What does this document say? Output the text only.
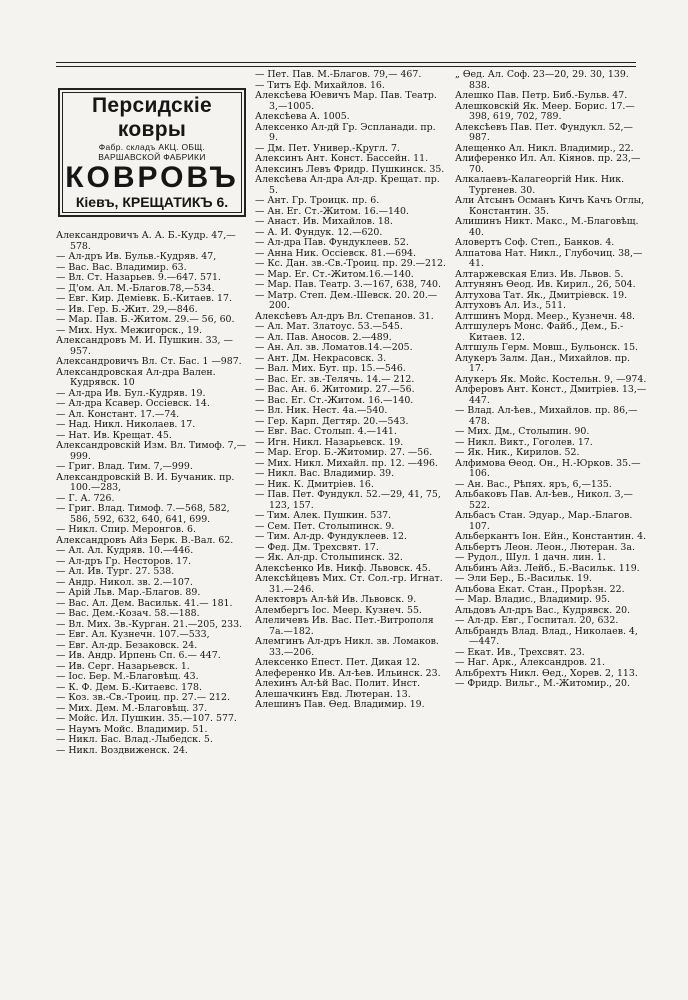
Персидскiе ковры
Фабр. складъ АКЦ. ОБЩ.
ВАРШАВСКОЙ ФАБРИКИ
КОВРОВЪ
Кiевъ, КРЕЩАТИКЪ 6.

Александровичъ А. А. Б.-Кудр. 47,—578.

— Ал-дръ Ив. Бульв.-Кудряв. 47,

— Вас. Вас. Владимир. 63.

— Вл. Ст. Назарьев. 9.—647. 571.

— Д'ом. Ал. М.-Благов.78,—534.

— Евг. Кир. Демiевк. Б.-Китаев. 17.

— Ив. Гер. Б.-Жит. 29,—846.

— Мар. Пав. Б.-Житом. 29.— 56, 60.

— Мих. Нух. Межигорск., 19.

Александровъ М. И. Пушкин. 33, —957.

Александровичъ Вл. Ст. Бас. 1 —987.

Александровская Ал-дра Вален. Кудрявск. 10

— Ал-дра Ив. Бул.-Кудряв. 19.

— Ал-дра Ксавер. Оссiевск. 14.

— Ал. Констант. 17.—74.

— Над. Никл. Николаев. 17.

— Нат. Ив. Крещат. 45.

Александровскiй Изм. Вл. Тимоф. 7,—999.

— Григ. Влад. Тим. 7,—999.

Александровскiй В. И. Бучаник. пр. 100.—283,

— Г. А. 726.

— Григ. Влад. Тимоф. 7.—568, 582, 586, 592, 632, 640, 641, 699.

— Никл. Спир. Меронгов. 6.

Александровъ Айз Берк. В.-Вал. 62.

— Ал. Ал. Кудряв. 10.—446.

— Ал-дръ Гр. Несторов. 17.

— Ал. Ив. Тург. 27. 538.

— Андр. Никол. зв. 2.—107.

— Арiй Льв. Мар.-Благов. 89.

— Вас. Ал. Дем. Васильк. 41.— 181.

— Вас. Дем.-Козач. 58.—188.

— Вл. Мих. Зв.-Курган. 21.—205, 233.

— Евг. Ал. Кузнечн. 107.—533,

— Евг. Ал-др. Безаковск. 24.

— Ив. Андр. Ирпень Сп. 6.— 447.

— Ив. Серг. Назарьевск. 1.

— Iос. Бер. М.-Благовѣщ. 43.

— К. Ф. Дем. Б.-Китаевс. 178.

— Коз. зв.-Св.-Троиц. пр. 27.— 212.

— Мих. Дем. М.-Благовѣщ. 37.

— Мойс. Ил. Пушкин. 35.—107. 577.

— Наумъ Мойс. Владимир. 51.

— Никл. Бас. Влад.-Лыбедск. 5.

— Никл. Воздвиженск. 24.

— Пет. Пав. М.-Благов. 79,— 467.

— Титъ Еф. Михайлов. 16.

Алексѣева Юевичъ Мар. Пав. Театр. 3,—1005.

Алексѣева А. 1005.

Алексенко Ал-дй Гр. Эспланади. пр. 9.

— Дм. Пет. Универ.-Кругл. 7.

Алексинъ Ант. Конст. Бассейн. 11.

Алексинъ Левъ Фридр. Пушкинск. 35.

Алексѣева Ал-дра Ал-др. Крещат. пр. 5.

— Ант. Гр. Троицк. пр. 6.

— Ан. Ег. Ст.-Житом. 16.—140.

— Анаст. Ив. Михайлов. 18.

— А. И. Фундук. 12.—620.

— Ал-дра Пав. Фундуклеев. 52.

— Анна Ник. Оссiевск. 81.—694.

— Кс. Дан. зв.-Св.-Троиц. пр. 29.—212.

— Мар. Ег. Ст.-Житом.16.—140.

— Мар. Пав. Театр. 3.—167, 638, 740.

— Матр. Степ. Дем.-Шевск. 20. 20.—200.

Алексѣевъ Ал-дръ Вл. Степанов. 31.

— Ал. Мат. Златоус. 53.—545.

— Ал. Пав. Аносов. 2.—489.

— Ан. Ал. зв. Ломатов.14.—205.

— Ант. Дм. Некрасовск. 3.

— Вал. Мих. Бут. пр. 15.—546.

— Вас. Ег. зв.-Телячь. 14.— 212.

— Вас. Ан. 6. Житомир. 27.—56.

— Вас. Ег. Ст.-Житом. 16.—140.

— Вл. Ник. Нест. 4а.—540.

— Гер. Карп. Дегтяр. 20.—543.

— Евг. Вас. Столып. 4.—141.

— Игн. Никл. Назарьевск. 19.

— Мар. Егор. Б.-Житомир. 27. —56.

— Мих. Никл. Михайл. пр. 12. —496.

— Никл. Вас. Владимир. 39.

— Ник. К. Дмитрiев. 16.

— Пав. Пет. Фундукл. 52.—29, 41, 75, 123, 157.

— Тим. Алек. Пушкин. 537.

— Сем. Пет. Столыпинск. 9.

— Тим. Ал-др. Фундуклеев. 12.

— Фед. Дм. Трехсвят. 17.

— Як. Ал-др. Столыпинск. 32.

Алексѣенко Ив. Никф. Львовск. 45.

Алексѣйцевъ Мих. Ст. Сол.-гр. Игнат. 31.—246.

Алектовръ Ал-ѣй Ив. Львовск. 9.

Алембергъ Iос. Меер. Кузнеч. 55.

Алеличевъ Ив. Вас. Пет.-Витрополя 7а.—182.

Алемгинъ Ал-дръ Никл. зв. Ломаков. 33.—206.

Алексенко Епест. Пет. Дикая 12.

Алеференко Ив. Ал-ѣев. Ильинск. 23.

Алехинъ Ал-ѣй Вас. Полит. Инст.

Алешачкинъ Евд. Лютеран. 13.

Алешинъ Пав. Ѳед. Владимир. 19.

„ Ѳед. Ал. Соф. 23—20, 29. 30, 139. 838.

Алешко Пав. Петр. Биб.-Бульв. 47.

Алешковскiй Як. Меер. Борис. 17.—398, 619, 702, 789.

Алексѣевъ Пав. Пет. Фундукл. 52,—987.

Алещенко Ал. Никл. Владимир., 22.

Алиференко Ил. Ал. Кiянов. пр. 23,—70.

Алкалаевъ-Калагеоргiй Ник. Ник. Тургенев. 30.

Али Атсынъ Османъ Кичъ Качъ Оглы, Константин. 35.

Алишинъ Никт. Макс., М.-Благовѣщ. 40.

Аловертъ Соф. Степ., Банков. 4.

Алпатова Нат. Никл., Глубочиц. 38,—41.

Алтаржевская Елиз. Ив. Львов. 5.

Алтунянъ Ѳеод. Ив. Кирил., 26, 504.

Алтухова Тат. Як., Дмитрiевск. 19.

Алтуховъ Ал. Из., 511.

Алтшинъ Морд. Меер., Кузнечн. 48.

Алтшулеръ Монс. Файб., Дем., Б.-Китаев. 12.

Алтшуль Герм. Мовш., Бульонск. 15.

Алукеръ Залм. Дан., Михайлов. пр. 17.

Алукеръ Як. Мойс. Костельн. 9, —974.

Алферовъ Ант. Конст., Дмитрiев. 13,—447.

— Влад. Ал-ѣев., Михайлов. пр. 86,—478.

— Мих. Дм., Столыпин. 90.

— Никл. Викт., Гоголев. 17.

— Як. Ник., Кирилов. 52.

Алфимова Ѳеод. Он., Н.-Юрков. 35.—106.

— Ан. Вас., Рѣпях. яръ, 6,—135.

Альбаковъ Пав. Ал-ѣев., Никол. 3,—522.

Альбасъ Стан. Эдуар., Мар.-Благов. 107.

Альберкантъ Iон. Ейн., Константин. 4.

Альбертъ Леон. Леон., Лютеран. 3а.

— Рудол., Шул. 1 дачн. лин. 1.

Альбинъ Айз. Лейб., Б.-Васильк. 119.

— Эли Бер., Б.-Васильк. 19.

Альбова Екат. Стан., Прорѣзн. 22.

— Мар. Владис., Владимир. 95.

Альдовъ Ал-дръ Вас., Кудрявск. 20.

— Ал-др. Евг., Госпитал. 20, 632.

Альбрандъ Влад. Влад., Николаев. 4,—447.

— Екат. Ив., Трехсвят. 23.

— Наг. Арк., Александров. 21.

Альбрехтъ Никл. Ѳед., Хорев. 2, 113.

— Фридр. Вильг., М.-Житомир., 20.
